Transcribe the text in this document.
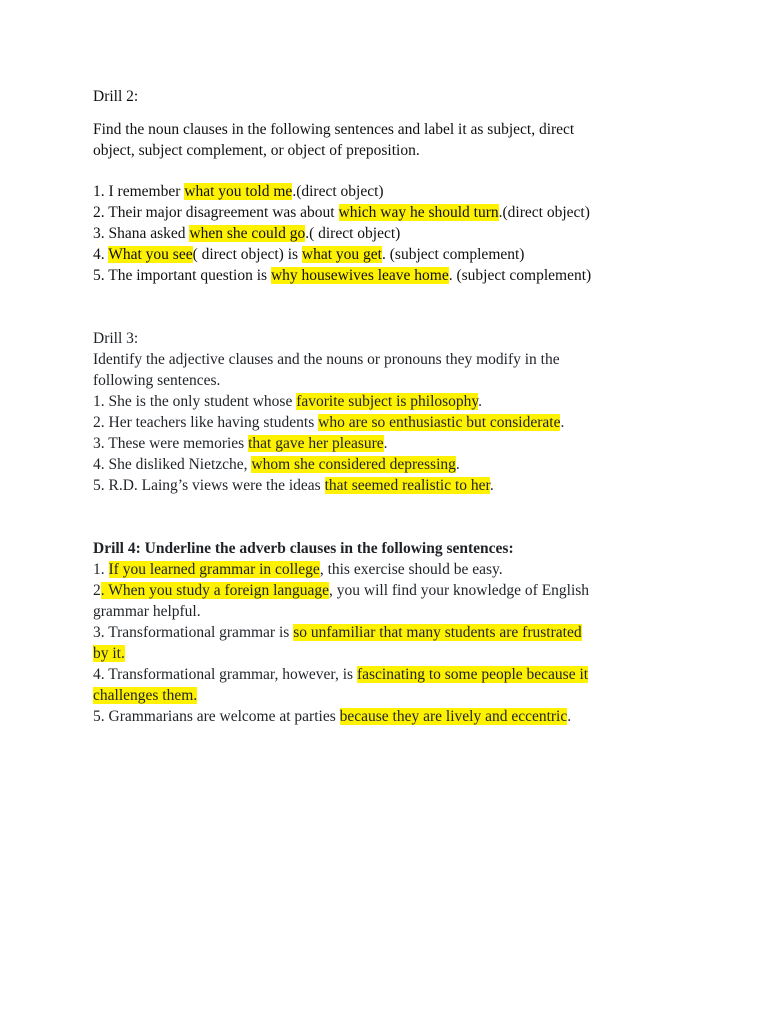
Drill 2:

Find the noun clauses in the following sentences and label it as subject, direct

object, subject complement, or object of preposition.

1. I remember what you told me.(direct object)

2. Their major disagreement was about which way he should turn.(direct object)

3. Shana asked when she could go.( direct object)

4. What you see( direct object) is what you get. (subject complement)

5. The important question is why housewives leave home. (subject complement)

Drill 3:

Identify the adjective clauses and the nouns or pronouns they modify in the

following sentences.

1. She is the only student whose favorite subject is philosophy.

2. Her teachers like having students who are so enthusiastic but considerate.

3. These were memories that gave her pleasure.

4. She disliked Nietzche, whom she considered depressing.

5. R.D. Laing’s views were the ideas that seemed realistic to her.

Drill 4: Underline the adverb clauses in the following sentences:

1. If you learned grammar in college, this exercise should be easy.

2. When you study a foreign language, you will find your knowledge of English

grammar helpful.

3. Transformational grammar is so unfamiliar that many students are frustrated

by it.

4. Transformational grammar, however, is fascinating to some people because it

challenges them.

5. Grammarians are welcome at parties because they are lively and eccentric.
